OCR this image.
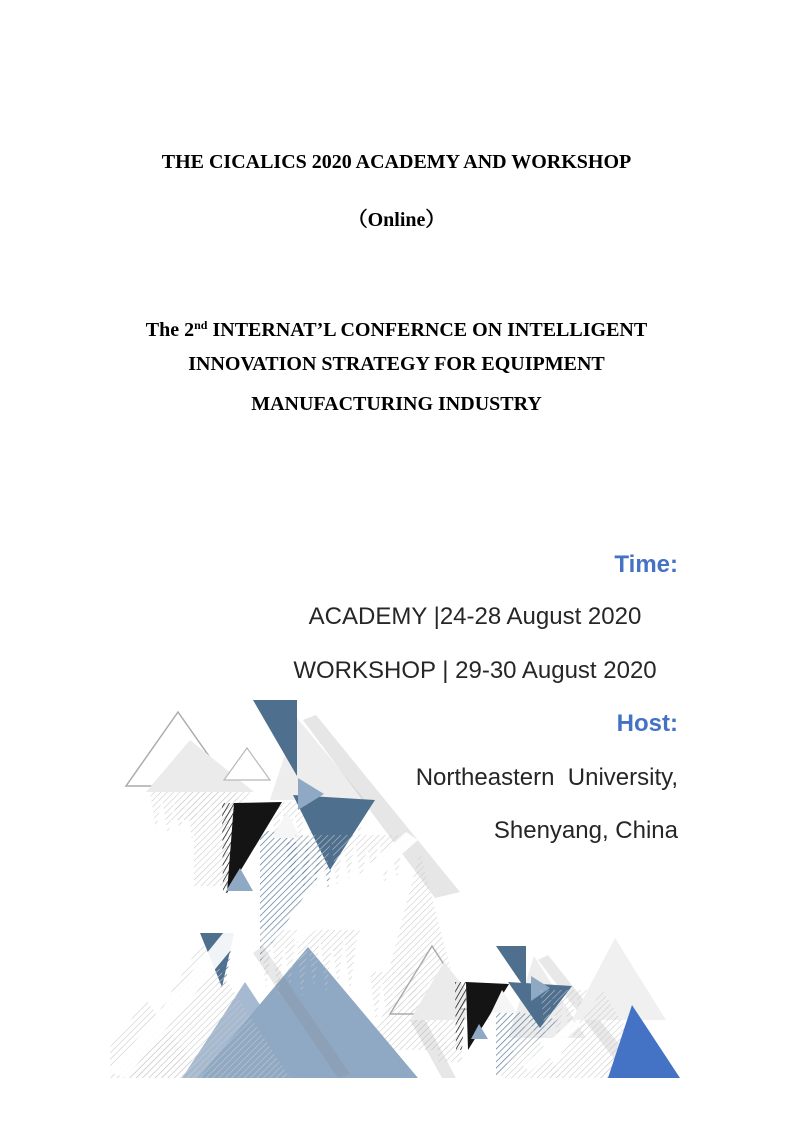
THE CICALICS 2020 ACADEMY AND WORKSHOP
（Online）
The 2nd INTERNAT’L CONFERNCE ON INTELLIGENT
INNOVATION STRATEGY FOR EQUIPMENT
MANUFACTURING INDUSTRY
Time:
ACADEMY |24-28 August 2020
WORKSHOP | 29-30 August 2020
Host:
Northeastern  University,
Shenyang, China
